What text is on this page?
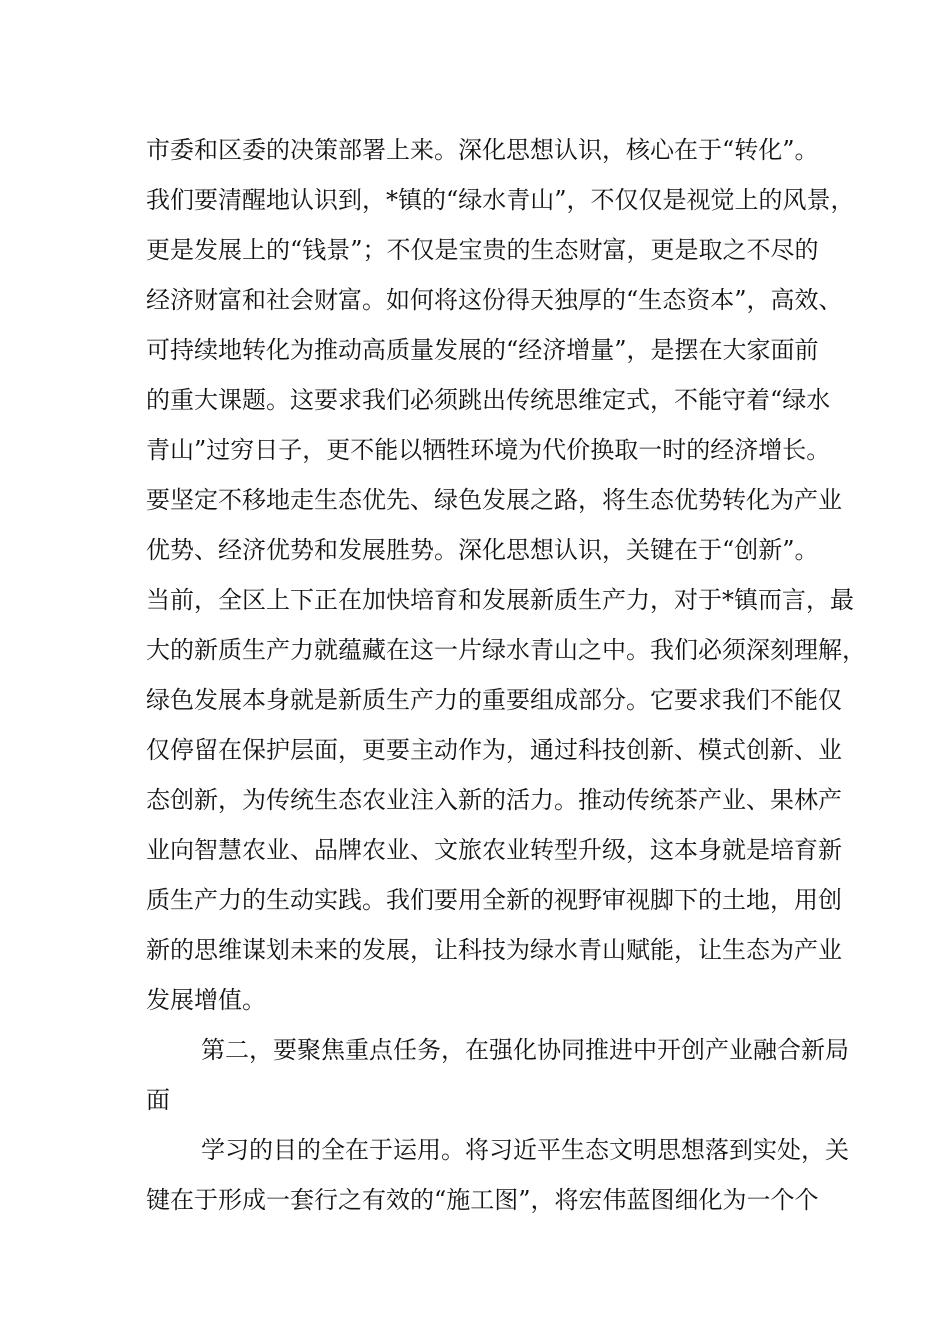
市委和区委的决策部署上来。深化思想认识，核心在于“转化”。
我们要清醒地认识到，*镇的“绿水青山”，不仅仅是视觉上的风景，
更是发展上的“钱景”；不仅是宝贵的生态财富，更是取之不尽的
经济财富和社会财富。如何将这份得天独厚的“生态资本”，高效、
可持续地转化为推动高质量发展的“经济增量”，是摆在大家面前
的重大课题。这要求我们必须跳出传统思维定式，不能守着“绿水
青山”过穷日子，更不能以牺牲环境为代价换取一时的经济增长。
要坚定不移地走生态优先、绿色发展之路，将生态优势转化为产业
优势、经济优势和发展胜势。深化思想认识，关键在于“创新”。
当前，全区上下正在加快培育和发展新质生产力，对于*镇而言，最
大的新质生产力就蕴藏在这一片绿水青山之中。我们必须深刻理解，
绿色发展本身就是新质生产力的重要组成部分。它要求我们不能仅
仅停留在保护层面，更要主动作为，通过科技创新、模式创新、业
态创新，为传统生态农业注入新的活力。推动传统茶产业、果林产
业向智慧农业、品牌农业、文旅农业转型升级，这本身就是培育新
质生产力的生动实践。我们要用全新的视野审视脚下的土地，用创
新的思维谋划未来的发展，让科技为绿水青山赋能，让生态为产业
发展增值。
第二，要聚焦重点任务，在强化协同推进中开创产业融合新局
面
学习的目的全在于运用。将习近平生态文明思想落到实处，关
键在于形成一套行之有效的“施工图”，将宏伟蓝图细化为一个个
